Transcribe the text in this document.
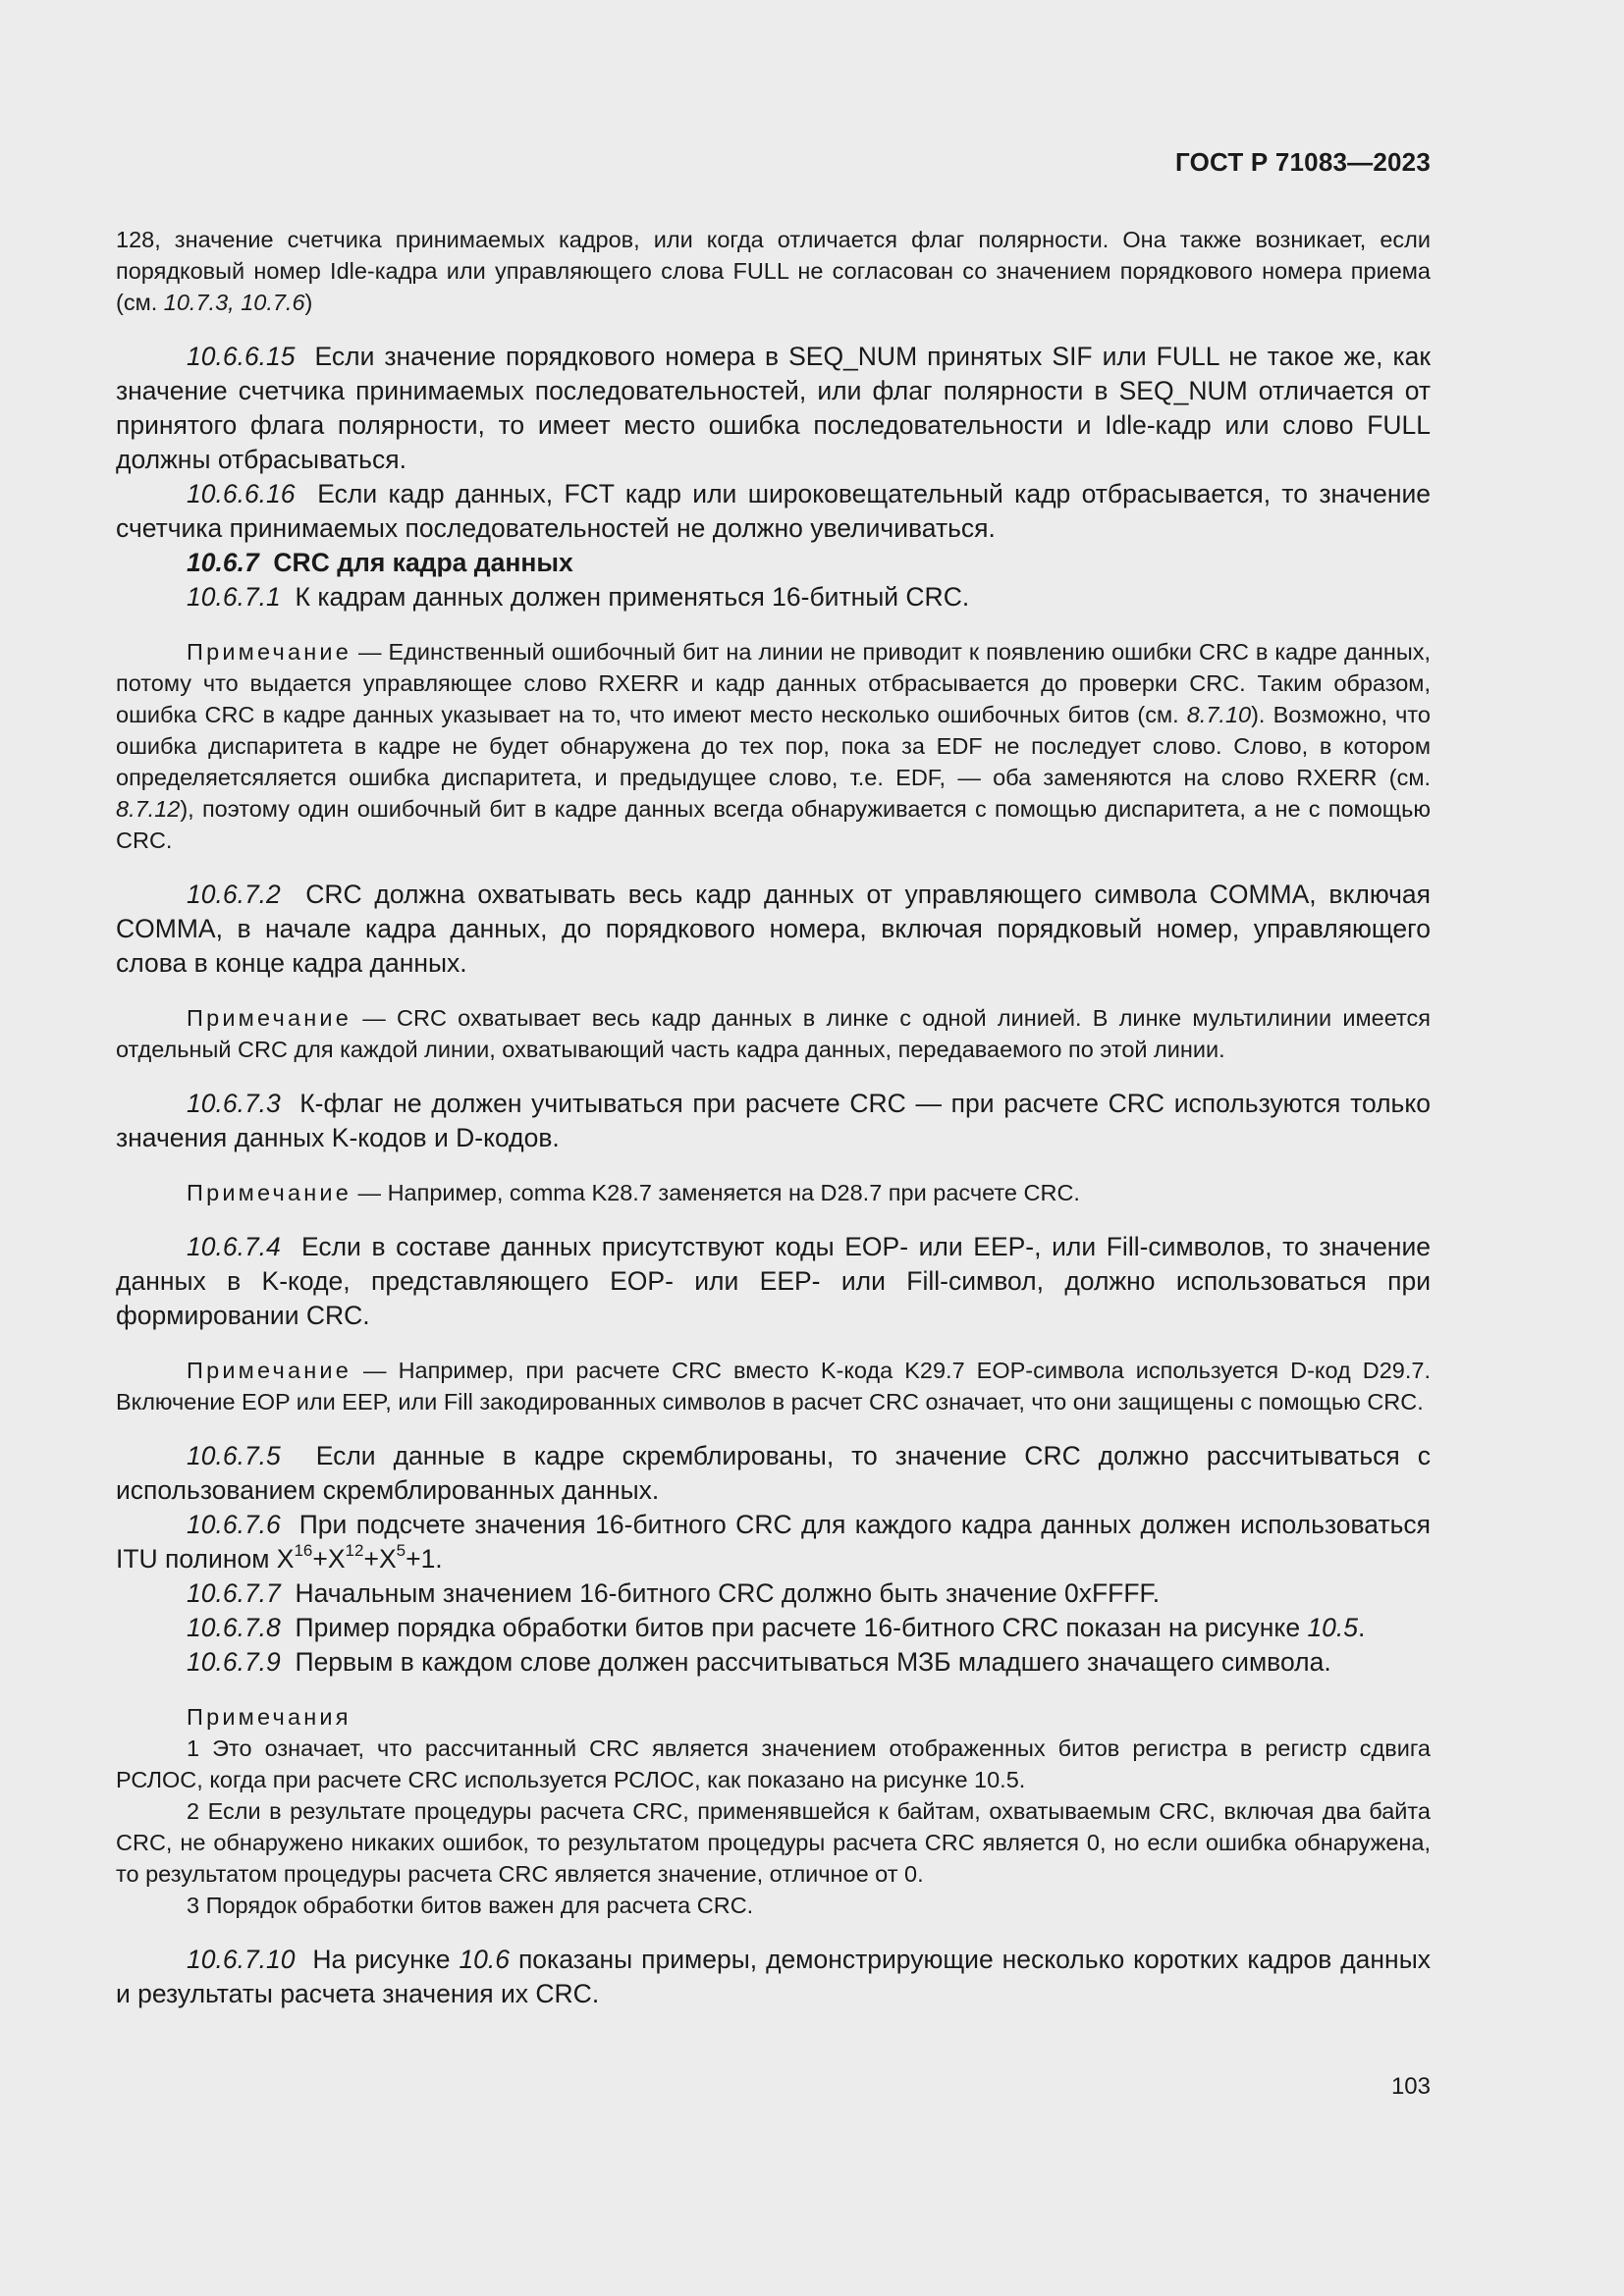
ГОСТ Р 71083—2023

128, значение счетчика принимаемых кадров, или когда отличается флаг полярности. Она также возникает, если порядковый номер Idle-кадра или управляющего слова FULL не согласован со значением порядкового номера приема (см. 10.7.3, 10.7.6)

10.6.6.15 Если значение порядкового номера в SEQ_NUM принятых SIF или FULL не такое же, как значение счетчика принимаемых последовательностей, или флаг полярности в SEQ_NUM отличается от принятого флага полярности, то имеет место ошибка последовательности и Idle-кадр или слово FULL должны отбрасываться.

10.6.6.16 Если кадр данных, FCT кадр или широковещательный кадр отбрасывается, то значение счетчика принимаемых последовательностей не должно увеличиваться.

10.6.7 CRC для кадра данных

10.6.7.1 К кадрам данных должен применяться 16-битный CRC.

Примечание — Единственный ошибочный бит на линии не приводит к появлению ошибки CRC в кадре данных, потому что выдается управляющее слово RXERR и кадр данных отбрасывается до проверки CRC. Таким образом, ошибка CRC в кадре данных указывает на то, что имеют место несколько ошибочных битов (см. 8.7.10). Возможно, что ошибка диспаритета в кадре не будет обнаружена до тех пор, пока за EDF не последует слово. Слово, в котором определяетсяляется ошибка диспаритета, и предыдущее слово, т.е. EDF, — оба заменяются на слово RXERR (см. 8.7.12), поэтому один ошибочный бит в кадре данных всегда обнаруживается с помощью диспаритета, а не с помощью CRC.

10.6.7.2 CRC должна охватывать весь кадр данных от управляющего символа COMMA, включая COMMA, в начале кадра данных, до порядкового номера, включая порядковый номер, управляющего слова в конце кадра данных.

Примечание — CRC охватывает весь кадр данных в линке с одной линией. В линке мультилинии имеется отдельный CRC для каждой линии, охватывающий часть кадра данных, передаваемого по этой линии.

10.6.7.3 К-флаг не должен учитываться при расчете CRC — при расчете CRC используются только значения данных K-кодов и D-кодов.

Примечание — Например, comma K28.7 заменяется на D28.7 при расчете CRC.

10.6.7.4 Если в составе данных присутствуют коды EOP- или EEP-, или Fill-символов, то значение данных в K-коде, представляющего EOP- или EEP- или Fill-символ, должно использоваться при формировании CRC.

Примечание — Например, при расчете CRC вместо K-кода K29.7 EOP-символа используется D-код D29.7. Включение EOP или EEP, или Fill закодированных символов в расчет CRC означает, что они защищены с помощью CRC.

10.6.7.5 Если данные в кадре скремблированы, то значение CRC должно рассчитываться с использованием скремблированных данных.

10.6.7.6 При подсчете значения 16-битного CRC для каждого кадра данных должен использоваться ITU полином $X^{16}+X^{12}+X^5+1$.

10.6.7.7 Начальным значением 16-битного CRC должно быть значение 0xFFFF.

10.6.7.8 Пример порядка обработки битов при расчете 16-битного CRC показан на рисунке 10.5.

10.6.7.9 Первым в каждом слове должен рассчитываться МЗБ младшего значащего символа.

Примечания

1 Это означает, что рассчитанный CRC является значением отображенных битов регистра в регистр сдвига РСЛОС, когда при расчете CRC используется РСЛОС, как показано на рисунке 10.5.

2 Если в результате процедуры расчета CRC, применявшейся к байтам, охватываемым CRC, включая два байта CRC, не обнаружено никаких ошибок, то результатом процедуры расчета CRC является 0, но если ошибка обнаружена, то результатом процедуры расчета CRC является значение, отличное от 0.

3 Порядок обработки битов важен для расчета CRC.

10.6.7.10 На рисунке 10.6 показаны примеры, демонстрирующие несколько коротких кадров данных и результаты расчета значения их CRC.

103
